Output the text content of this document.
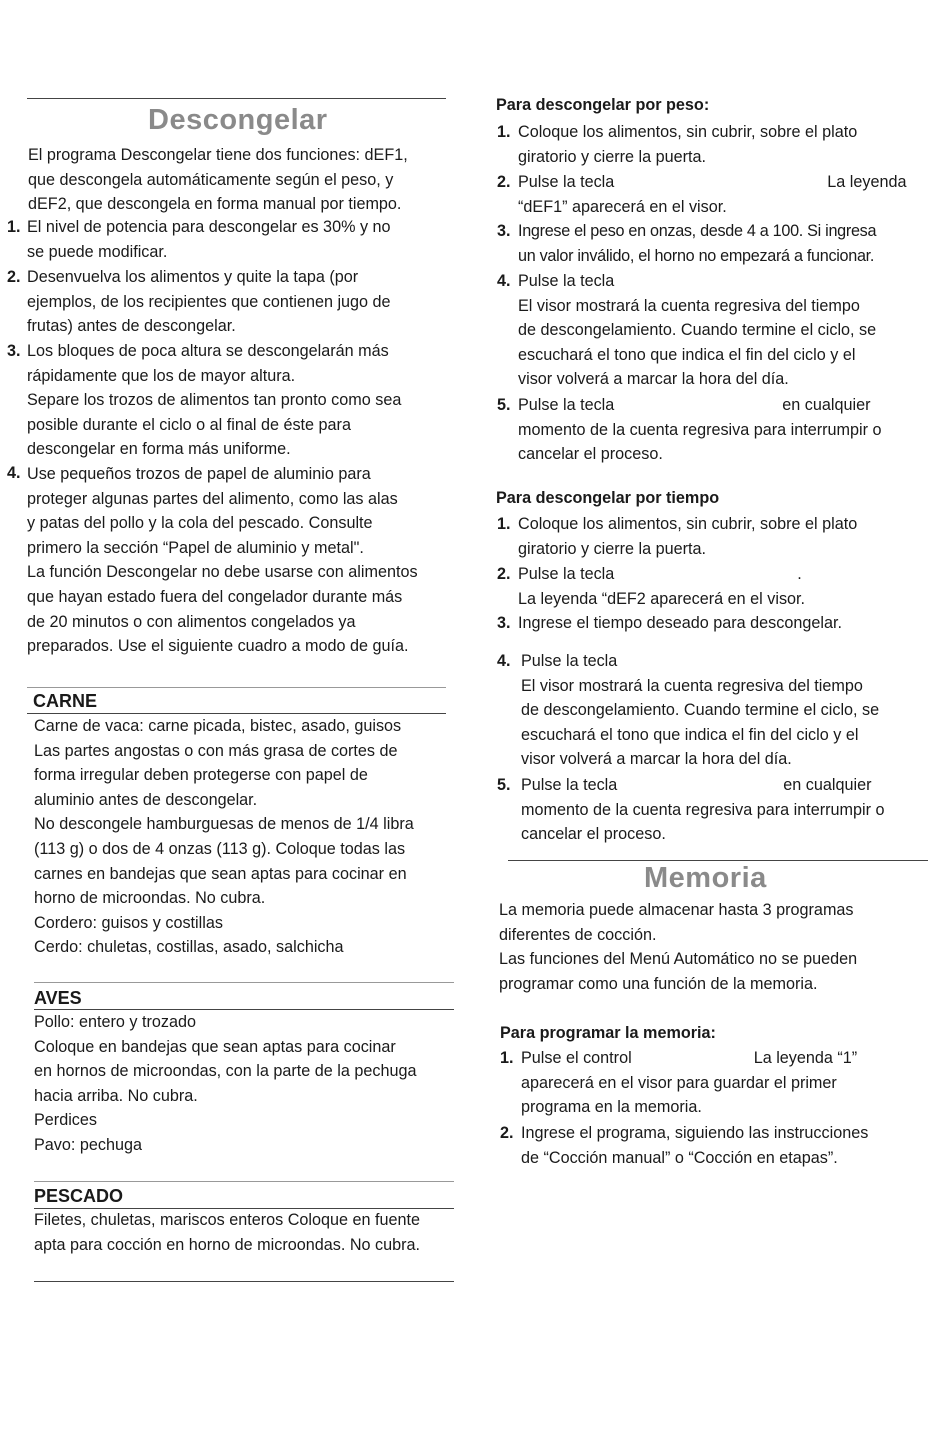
Descongelar
El programa Descongelar tiene dos funciones: dEF1,
que descongela automáticamente según el peso, y
dEF2, que descongela en forma manual por tiempo.
1. El nivel de potencia para descongelar es 30% y no
se puede modificar.
2. Desenvuelva los alimentos y quite la tapa (por
ejemplos, de los recipientes que contienen jugo de
frutas) antes de descongelar.
3. Los bloques de poca altura se descongelarán más
rápidamente que los de mayor altura.
Separe los trozos de alimentos tan pronto como sea
posible durante el ciclo o al final de éste para
descongelar en forma más uniforme.
4. Use pequeños trozos de papel de aluminio para
proteger algunas partes del alimento, como las alas
y patas del pollo y la cola del pescado. Consulte
primero la sección “Papel de aluminio y metal".
La función Descongelar no debe usarse con alimentos
que hayan estado fuera del congelador durante más
de 20 minutos o con alimentos congelados ya
preparados. Use el siguiente cuadro a modo de guía.
CARNE
Carne de vaca: carne picada, bistec, asado, guisos
Las partes angostas o con más grasa de cortes de
forma irregular deben protegerse con papel de
aluminio antes de descongelar.
No descongele hamburguesas de menos de 1/4 libra
(113 g) o dos de 4 onzas (113 g). Coloque todas las
carnes en bandejas que sean aptas para cocinar en
horno de microondas. No cubra.
Cordero: guisos y costillas
Cerdo: chuletas, costillas, asado, salchicha
AVES
Pollo: entero y trozado
Coloque en bandejas que sean aptas para cocinar
en hornos de microondas, con la parte de la pechuga
hacia arriba. No cubra.
Perdices
Pavo: pechuga
PESCADO
Filetes, chuletas, mariscos enteros Coloque en fuente
apta para cocción en horno de microondas. No cubra.
Para descongelar por peso:
1. Coloque los alimentos, sin cubrir, sobre el plato
giratorio y cierre la puerta.
2. Pulse la tecla	La leyenda
“dEF1” aparecerá en el visor.
3. Ingrese el peso en onzas, desde 4 a 100. Si ingresa
un valor inválido, el horno no empezará a funcionar.
4. Pulse la tecla
El visor mostrará la cuenta regresiva del tiempo
de descongelamiento. Cuando termine el ciclo, se
escuchará el tono que indica el fin del ciclo y el
visor volverá a marcar la hora del día.
5. Pulse la tecla	en cualquier
momento de la cuenta regresiva para interrumpir o
cancelar el proceso.
Para descongelar por tiempo
1. Coloque los alimentos, sin cubrir, sobre el plato
giratorio y cierre la puerta.
2. Pulse la tecla	.
La leyenda “dEF2 aparecerá en el visor.
3. Ingrese el tiempo deseado para descongelar.
4. Pulse la tecla
El visor mostrará la cuenta regresiva del tiempo
de descongelamiento. Cuando termine el ciclo, se
escuchará el tono que indica el fin del ciclo y el
visor volverá a marcar la hora del día.
5. Pulse la tecla	en cualquier
momento de la cuenta regresiva para interrumpir o
cancelar el proceso.
Memoria
La memoria puede almacenar hasta 3 programas
diferentes de cocción.
Las funciones del Menú Automático no se pueden
programar como una función de la memoria.
Para programar la memoria:
1. Pulse el control	La leyenda “1”
aparecerá en el visor para guardar el primer
programa en la memoria.
2. Ingrese el programa, siguiendo las instrucciones
de “Cocción manual” o “Cocción en etapas”.
